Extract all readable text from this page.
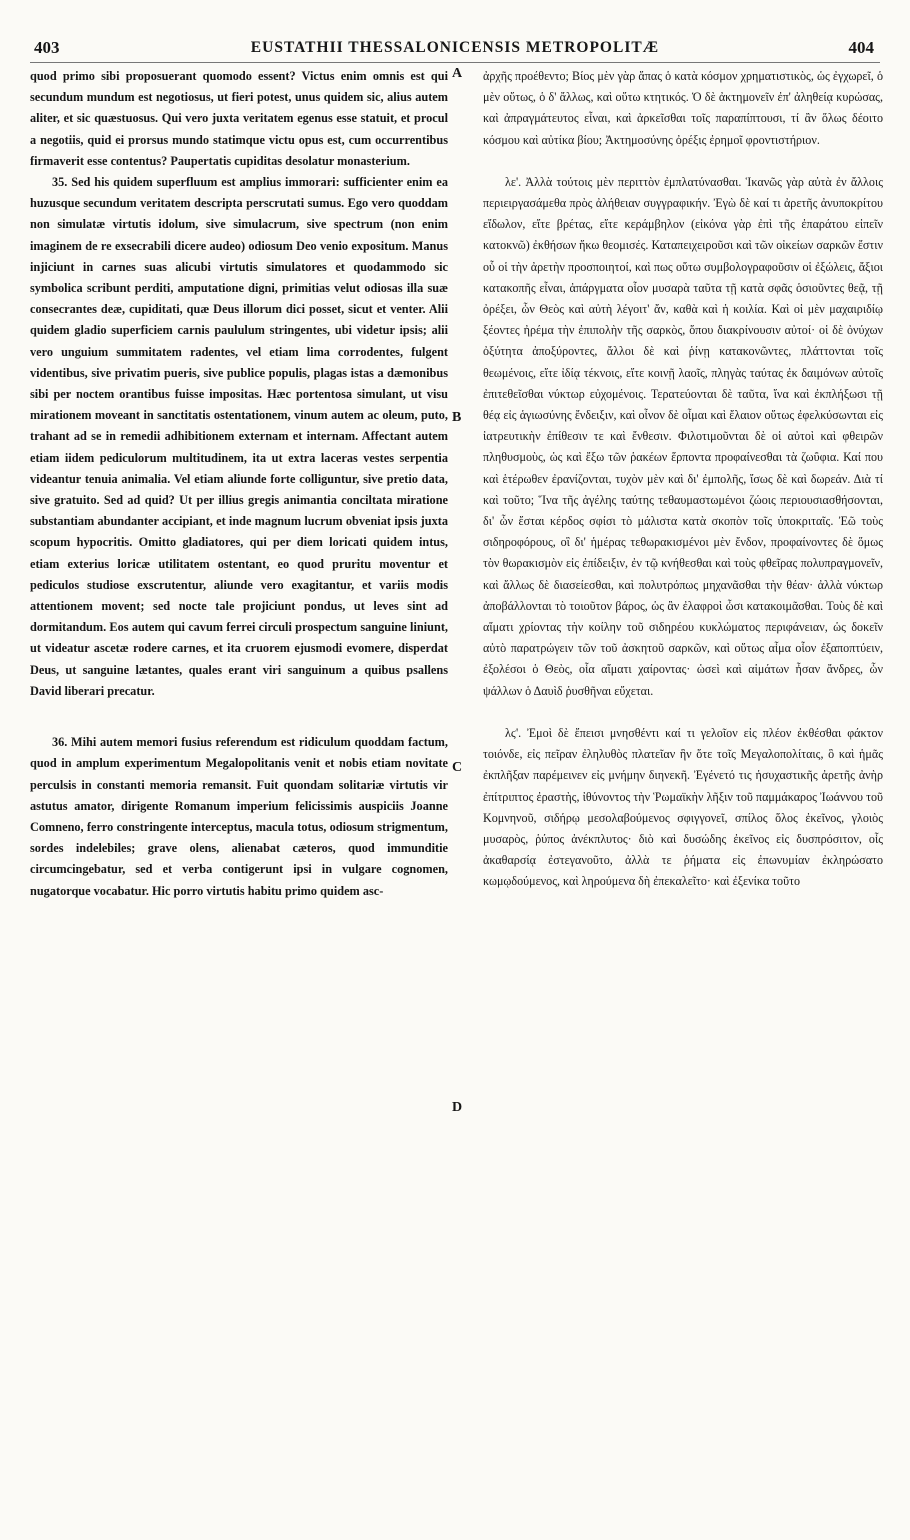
403	EUSTATHII THESSALONICENSIS METROPOLITÆ	404

quod primo sibi proposuerant quomodo essent? Victus enim omnis est qui secundum mundum est negotiosus, ut fieri potest, unus quidem sic, alius autem aliter, et sic quæstuosus. Qui vero juxta veritatem egenus esse statuit, et procul a negotiis, quid ei prorsus mundo statimque victu opus est, cum occurrentibus firmaverit esse contentus? Paupertatis cupiditas desolatur monasterium.

35. Sed his quidem superfluum est amplius immorari: sufficienter enim ea huzusque secundum veritatem descripta perscrutati sumus. Ego vero quoddam non simulatæ virtutis idolum, sive simulacrum, sive spectrum (non enim imaginem de re exsecrabili dicere audeo) odiosum Deo venio expositum. Manus injiciunt in carnes suas alicubi virtutis simulatores et quodammodo sic symbolica scribunt perditi, amputatione digni, primitias velut odiosas illa suæ consecrantes deæ, cupiditati, quæ Deus illorum dici posset, sicut et venter. Alii quidem gladio superficiem carnis paululum stringentes, ubi videtur ipsis; alii vero unguium summitatem radentes, vel etiam lima corrodentes, fulgent videntibus, sive privatim pueris, sive publice populis, plagas istas a dæmonibus sibi per noctem orantibus fuisse impositas. Hæc portentosa simulant, ut visu mirationem moveant in sanctitatis ostentationem, vinum autem ac oleum, puto, trahant ad se in remedii adhibitionem externam et internam. Affectant autem etiam iidem pediculorum multitudinem, ita ut extra laceras vestes serpentia videantur tenuia animalia. Vel etiam aliunde forte colliguntur, sive pretio data, sive gratuito. Sed ad quid? Ut per illius gregis animantia conciltata miratione substantiam abundanter accipiant, et inde magnum lucrum obveniat ipsis juxta scopum hypocritis. Omitto gladiatores, qui per diem loricati quidem intus, etiam exterius loricæ utilitatem ostentant, eo quod pruritu moventur et pediculos studiose exscrutentur, aliunde vero exagitantur, et variis modis attentionem movent; sed nocte tale projiciunt pondus, ut leves sint ad dormitandum. Eos autem qui cavum ferrei circuli prospectum sanguine liniunt, ut videatur ascetæ rodere carnes, et ita cruorem ejusmodi evomere, disperdat Deus, ut sanguine lætantes, quales erant viri sanguinum a quibus psallens David liberari precatur.

36. Mihi autem memori fusius referendum est ridiculum quoddam factum, quod in amplum experimentum Megalopolitanis venit et nobis etiam novitate perculsis in constanti memoria remansit. Fuit quondam solitariæ virtutis vir astutus amator, dirigente Romanum imperium felicissimis auspiciis Joanne Comneno, ferro constringente interceptus, macula totus, odiosum strigmentum, sordes indelebiles; grave olens, alienabat cæteros, quod immunditie circumcingebatur, sed et verba contigerunt ipsi in vulgare cognomen, nugatorque vocabatur. Hic porro virtutis habitu primo quidem asc-

A
B
C
D

ἀρχῆς προέθεντο; Βίος μὲν γὰρ ἅπας ὁ κατὰ κόσμον χρηματιστικὸς, ὡς ἐγχωρεῖ, ὁ μὲν οὕτως, ὁ δ' ἄλλως, καὶ οὕτω κτητικός. Ὁ δὲ ἀκτημονεῖν ἐπ' ἀληθείᾳ κυρώσας, καὶ ἀπραγμάτευτος εἶναι, καὶ ἀρκεῖσθαι τοῖς παραπίπτουσι, τί ἂν ὅλως δέοιτο κόσμου καὶ αὐτίκα βίου; Ἀκτημοσύνης ὀρέξις ἐρημοῖ φροντιστήριον.

λε'. Ἀλλὰ τούτοις μὲν περιττὸν ἐμπλατύνασθαι. Ἱκανῶς γὰρ αὐτὰ ἐν ἄλλοις περιειργασάμεθα πρὸς ἀλήθειαν συγγραφικήν. Ἐγὼ δὲ καί τι ἀρετῆς ἀνυποκρίτου εἴδωλον, εἴτε βρέτας, εἴτε κεράμβηλον (εἰκόνα γὰρ ἐπὶ τῆς ἐπαράτου εἰπεῖν κατοκνῶ) ἐκθήσων ἥκω θεομισές. Καταπειχειροῦσι καὶ τῶν οἰκείων σαρκῶν ἔστιν οὗ οἱ τὴν ἀρετὴν προσποιητοί, καὶ πως οὕτω συμβολογραφοῦσιν οἱ ἐξώλεις, ἄξιοι κατακοπῆς εἶναι, ἀπάργματα οἷον μυσαρὰ ταῦτα τῇ κατὰ σφᾶς ὁσιοῦντες θεᾷ, τῇ ὀρέξει, ὧν Θεὸς καὶ αὐτὴ λέγοιτ' ἄν, καθὰ καὶ ἡ κοιλία. Καὶ οἱ μὲν μαχαιριδίῳ ξέοντες ἠρέμα τὴν ἐπιπολὴν τῆς σαρκὸς, ὅπου διακρίνουσιν αὐτοί· οἱ δὲ ὀνύχων ὀξύτητα ἀποξύροντες, ἄλλοι δὲ καὶ ῥίνῃ κατακονῶντες, πλάττονται τοῖς θεωμένοις, εἴτε ἰδίᾳ τέκνοις, εἴτε κοινῇ λαοῖς, πληγὰς ταύτας ἐκ δαιμόνων αὐτοῖς ἐπιτεθεῖσθαι νύκτωρ εὐχομένοις. Τερατεύονται δὲ ταῦτα, ἵνα καὶ ἐκπλήξωσι τῇ θέᾳ εἰς ἁγιωσύνης ἔνδειξιν, καὶ οἶνον δὲ οἶμαι καὶ ἔλαιον οὕτως ἐφελκύσωνται εἰς ἰατρευτικὴν ἐπίθεσιν τε καὶ ἔνθεσιν. Φιλοτιμοῦνται δὲ οἱ αὐτοὶ καὶ φθειρῶν πληθυσμοὺς, ὡς καὶ ἔξω τῶν ῥακέων ἕρποντα προφαίνεσθαι τὰ ζωΰφια. Καί που καὶ ἑτέρωθεν ἐρανίζονται, τυχὸν μὲν καὶ δι' ἐμπολῆς, ἴσως δὲ καὶ δωρεάν. Διὰ τί καὶ τοῦτο; Ἵνα τῆς ἀγέλης ταύτης τεθαυμαστωμένοι ζώοις περιουσιασθήσονται, δι' ὧν ἔσται κέρδος σφίσι τὸ μάλιστα κατὰ σκοπὸν τοῖς ὑποκριταῖς. Ἐῶ τοὺς σιδηροφόρους, οἳ δι' ἡμέρας τεθωρακισμένοι μὲν ἔνδον, προφαίνοντες δὲ ὅμως τὸν θωρακισμὸν εἰς ἐπίδειξιν, ἐν τῷ κνήθεσθαι καὶ τοὺς φθεῖρας πολυπραγμονεῖν, καὶ ἄλλως δὲ διασείεσθαι, καὶ πολυτρόπως μηχανᾶσθαι τὴν θέαν· ἀλλὰ νύκτωρ ἀποβάλλονται τὸ τοιοῦτον βάρος, ὡς ἂν ἐλαφροὶ ὦσι κατακοιμᾶσθαι. Τοὺς δὲ καὶ αἵματι χρίοντας τὴν κοίλην τοῦ σιδηρέου κυκλώματος περιφάνειαν, ὡς δοκεῖν αὐτὸ παρατρώγειν τῶν τοῦ ἀσκητοῦ σαρκῶν, καὶ οὕτως αἷμα οἷον ἐξαποπτύειν, ἐξολέσοι ὁ Θεὸς, οἷα αἵματι χαίροντας· ὡσεὶ καὶ αἱμάτων ἦσαν ἄνδρες, ὧν ψάλλων ὁ Δαυὶδ ῥυσθῆναι εὔχεται.

λϛ'. Ἐμοὶ δὲ ἔπεισι μνησθέντι καί τι γελοῖον εἰς πλέον ἐκθέσθαι φάκτον τοιόνδε, εἰς πεῖραν ἐληλυθὸς πλατεῖαν ἣν ὅτε τοῖς Μεγαλοπολίταις, ὃ καὶ ἡμᾶς ἐκπλῆξαν παρέμεινεν εἰς μνήμην διηνεκῆ. Ἐγένετό τις ἡσυχαστικῆς ἀρετῆς ἀνὴρ ἐπίτριπτος ἐραστὴς, ἰθύνοντος τὴν Ῥωμαϊκὴν λῆξιν τοῦ παμμάκαρος Ἰωάννου τοῦ Κομνηνοῦ, σιδήρῳ μεσολαβούμενος σφιγγονεῖ, σπίλος ὅλος ἐκεῖνος, γλοιὸς μυσαρὸς, ῥύπος ἀνέκπλυτος· διὸ καὶ δυσώδης ἐκεῖνος εἰς δυσπρόσιτον, οἷς ἀκαθαρσίᾳ ἐστεγανοῦτο, ἀλλὰ τε ῥήματα εἰς ἐπωνυμίαν ἐκληρώσατο κωμῳδούμενος, καὶ ληρούμενα δὴ ἐπεκαλεῖτο· καὶ ἐξενίκα τοῦτο
